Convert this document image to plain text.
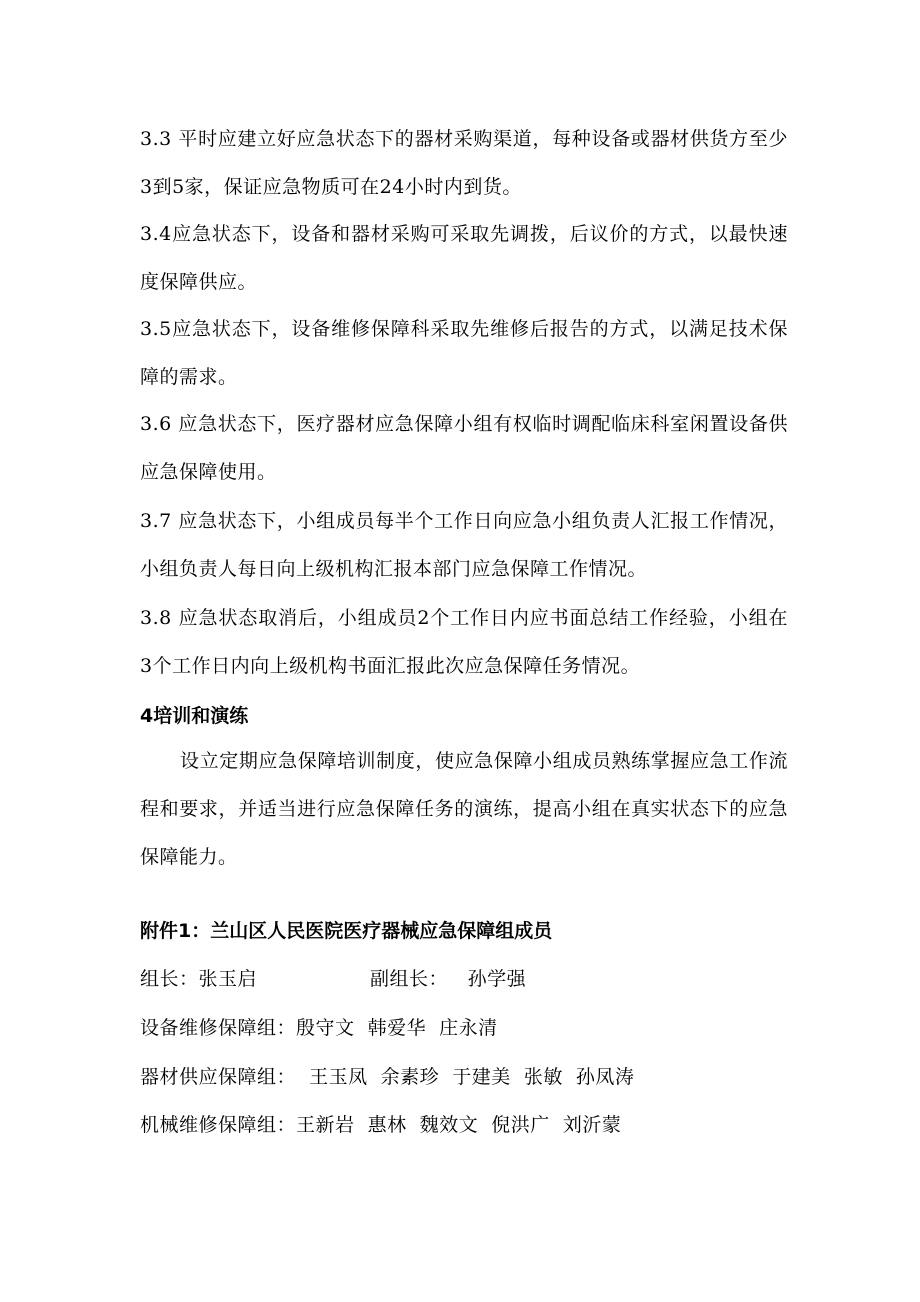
3.3 平时应建立好应急状态下的器材采购渠道，每种设备或器材供货方至少3到5家，保证应急物质可在24小时内到货。

3.4应急状态下，设备和器材采购可采取先调拨，后议价的方式，以最快速度保障供应。

3.5应急状态下，设备维修保障科采取先维修后报告的方式，以满足技术保障的需求。

3.6 应急状态下，医疗器材应急保障小组有权临时调配临床科室闲置设备供应急保障使用。

3.7 应急状态下，小组成员每半个工作日向应急小组负责人汇报工作情况，小组负责人每日向上级机构汇报本部门应急保障工作情况。

3.8 应急状态取消后，小组成员2个工作日内应书面总结工作经验，小组在3个工作日内向上级机构书面汇报此次应急保障任务情况。

4培训和演练

设立定期应急保障培训制度，使应急保障小组成员熟练掌握应急工作流程和要求，并适当进行应急保障任务的演练，提高小组在真实状态下的应急保障能力。

附件1：兰山区人民医院医疗器械应急保障组成员
组长：张玉启	副组长：   孙学强
设备维修保障组：殷守文  韩爱华  庄永清
器材供应保障组：  王玉凤  余素珍  于建美  张敏  孙凤涛
机械维修保障组：王新岩  惠林  魏效文  倪洪广  刘沂蒙
